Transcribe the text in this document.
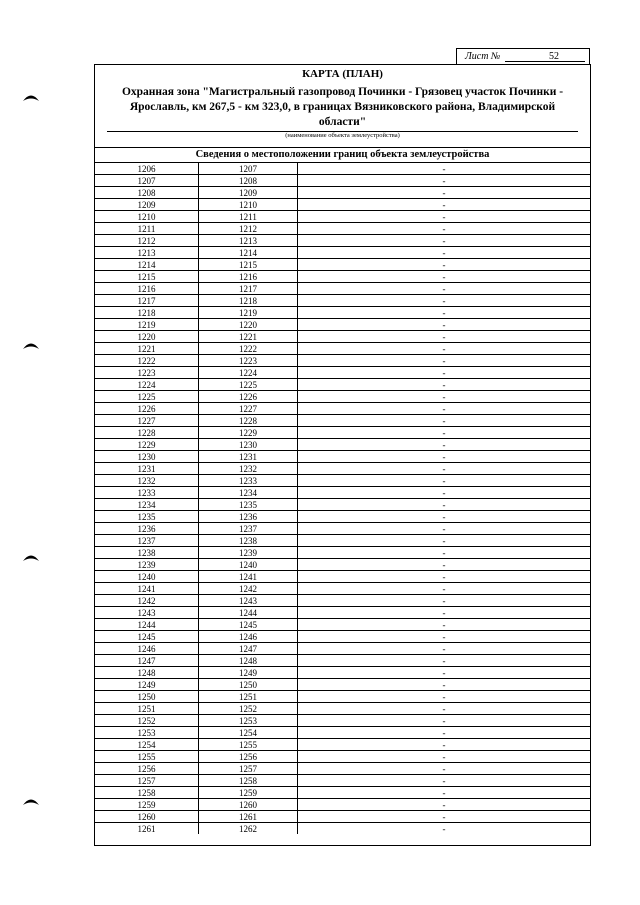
Лист №	52
КАРТА (ПЛАН)
Охранная зона "Магистральный газопровод Починки - Грязовец участок Починки - Ярославль, км 267,5 - км 323,0, в границах Вязниковского района, Владимирской области"
(наименование объекта землеустройства)
Сведения о местоположении границ объекта землеустройства
1206	1207	-
1207	1208	-
1208	1209	-
1209	1210	-
1210	1211	-
1211	1212	-
1212	1213	-
1213	1214	-
1214	1215	-
1215	1216	-
1216	1217	-
1217	1218	-
1218	1219	-
1219	1220	-
1220	1221	-
1221	1222	-
1222	1223	-
1223	1224	-
1224	1225	-
1225	1226	-
1226	1227	-
1227	1228	-
1228	1229	-
1229	1230	-
1230	1231	-
1231	1232	-
1232	1233	-
1233	1234	-
1234	1235	-
1235	1236	-
1236	1237	-
1237	1238	-
1238	1239	-
1239	1240	-
1240	1241	-
1241	1242	-
1242	1243	-
1243	1244	-
1244	1245	-
1245	1246	-
1246	1247	-
1247	1248	-
1248	1249	-
1249	1250	-
1250	1251	-
1251	1252	-
1252	1253	-
1253	1254	-
1254	1255	-
1255	1256	-
1256	1257	-
1257	1258	-
1258	1259	-
1259	1260	-
1260	1261	-
1261	1262	-
